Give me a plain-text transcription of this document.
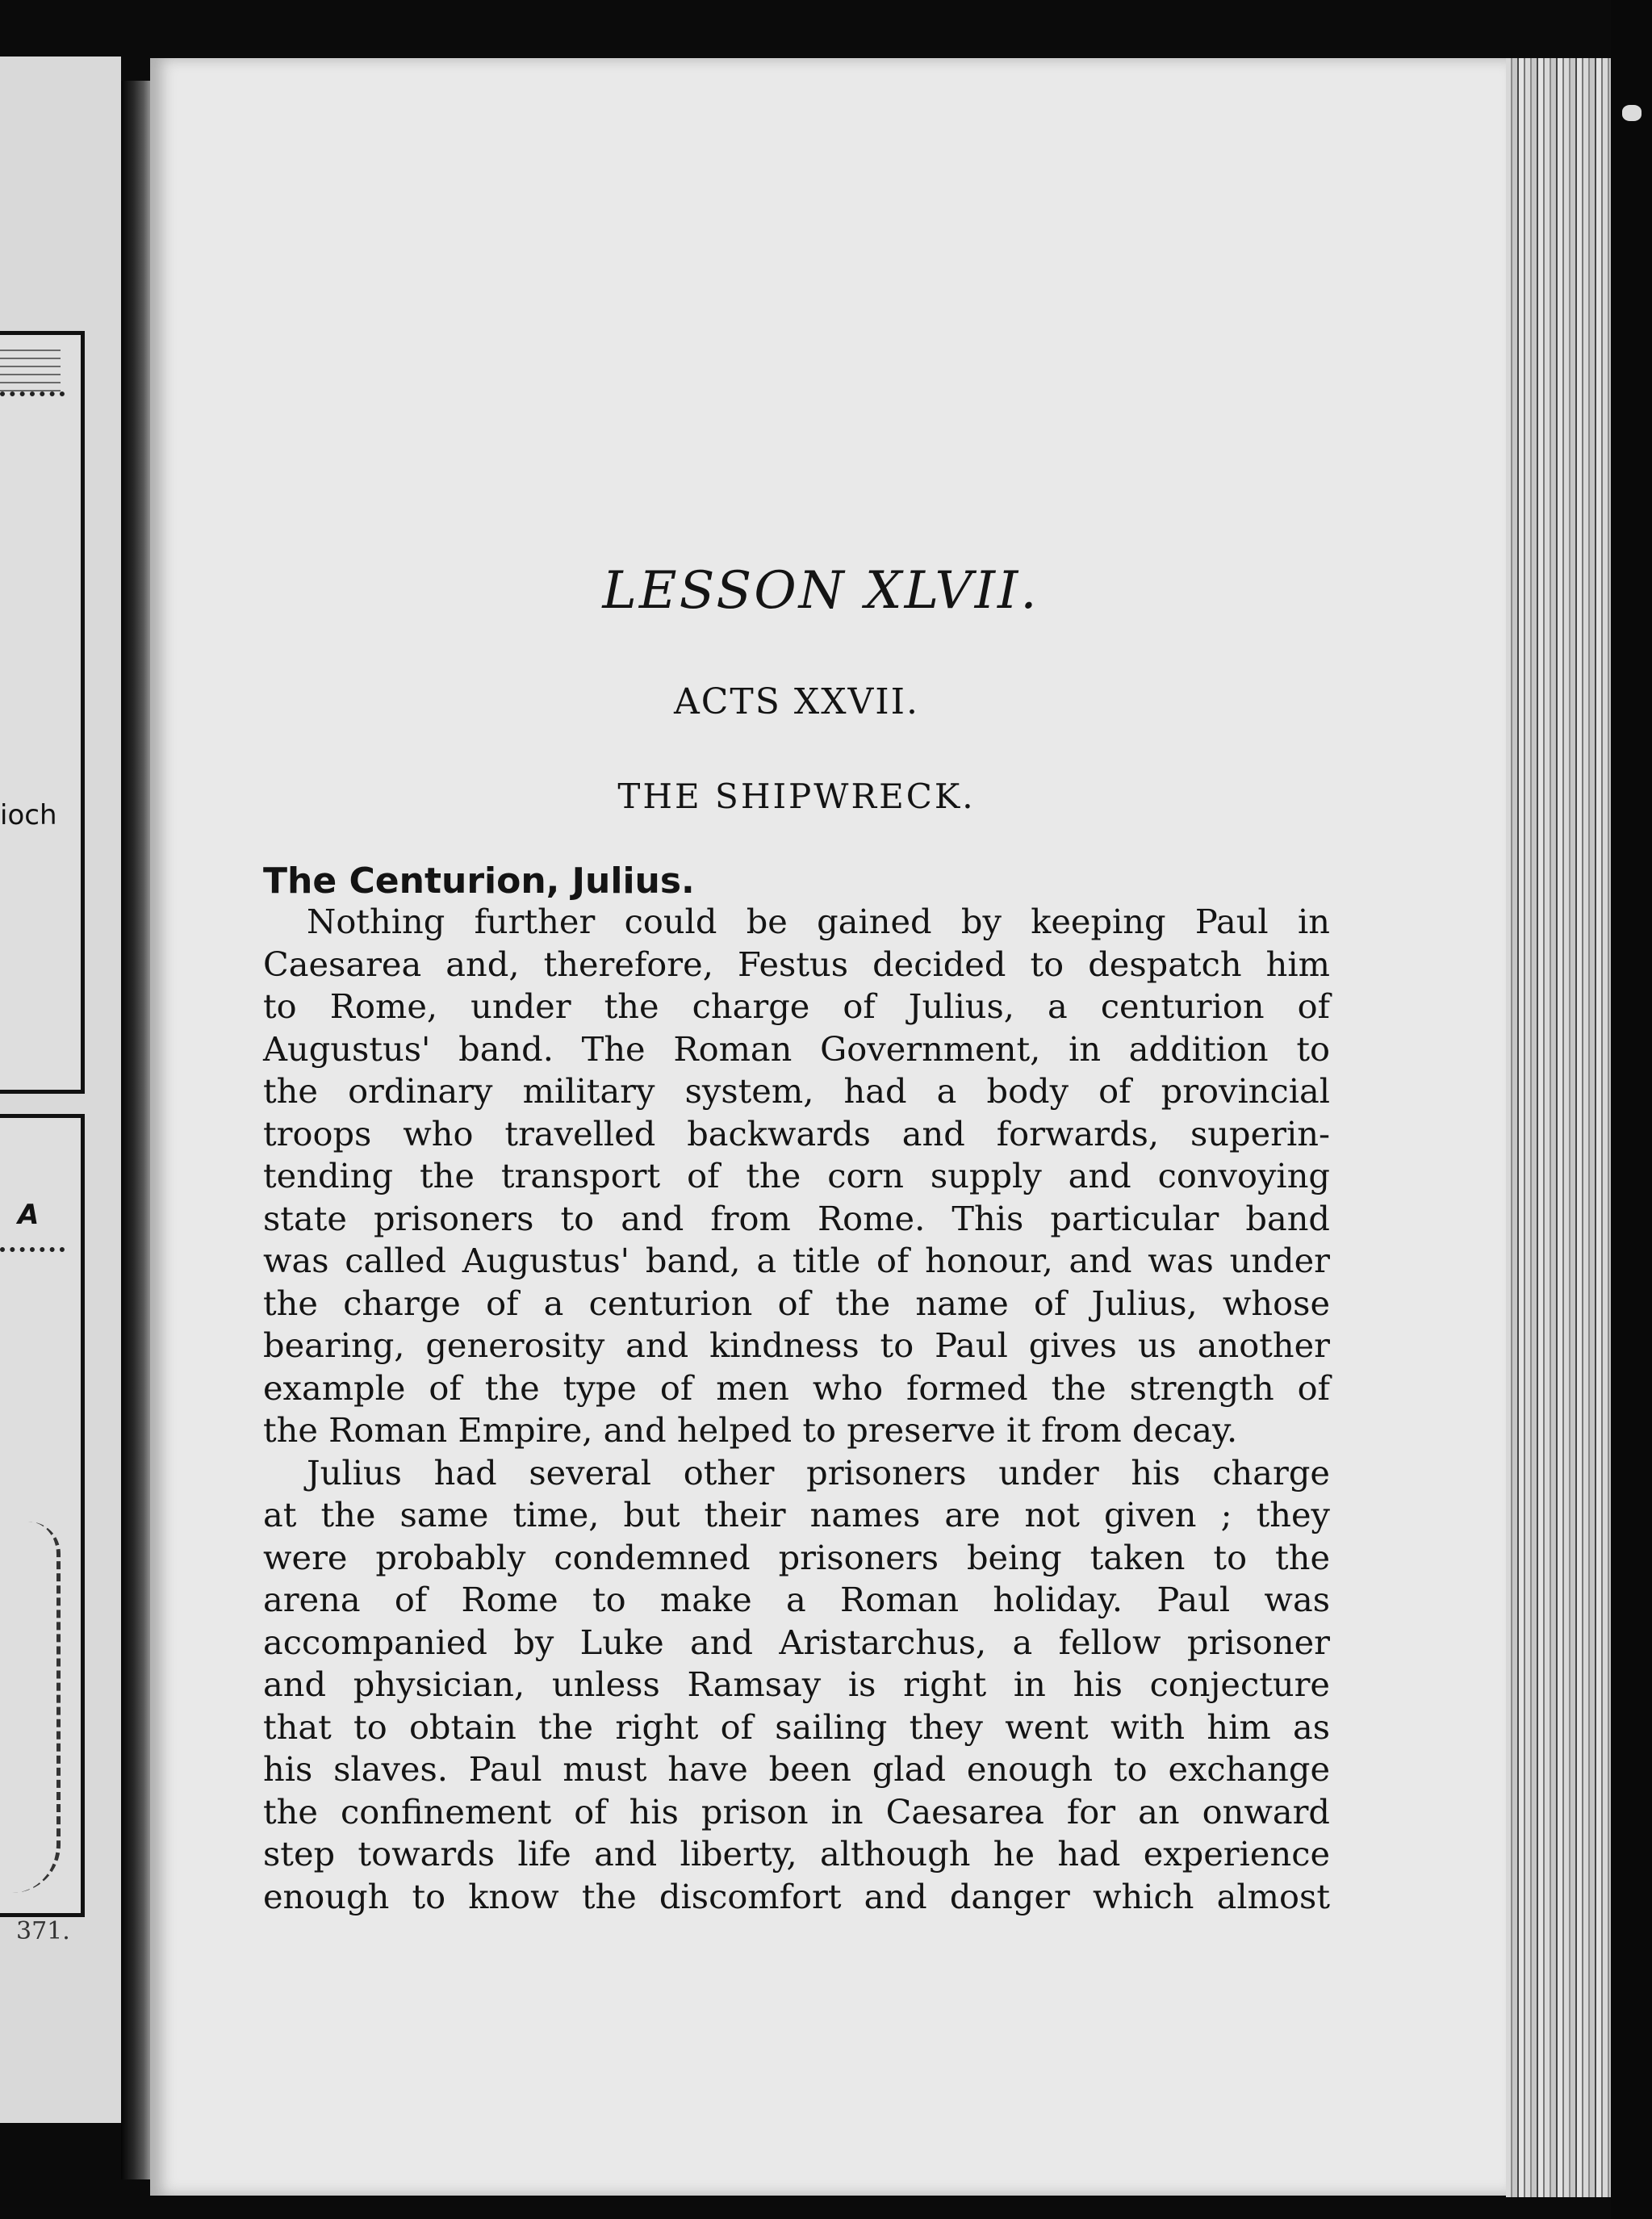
ioch
A
371.
LESSON XLVII.
ACTS XXVII.
THE SHIPWRECK.
The Centurion, Julius.
Nothing further could be gained by keeping Paul in
Caesarea and, therefore, Festus decided to despatch him
to Rome, under the charge of Julius, a centurion of
Augustus' band. The Roman Government, in addition to
the ordinary military system, had a body of provincial
troops who travelled backwards and forwards, superin-
tending the transport of the corn supply and convoying
state prisoners to and from Rome. This particular band
was called Augustus' band, a title of honour, and was under
the charge of a centurion of the name of Julius, whose
bearing, generosity and kindness to Paul gives us another
example of the type of men who formed the strength of
the Roman Empire, and helped to preserve it from decay.
Julius had several other prisoners under his charge
at the same time, but their names are not given ; they
were probably condemned prisoners being taken to the
arena of Rome to make a Roman holiday. Paul was
accompanied by Luke and Aristarchus, a fellow prisoner
and physician, unless Ramsay is right in his conjecture
that to obtain the right of sailing they went with him as
his slaves. Paul must have been glad enough to exchange
the confinement of his prison in Caesarea for an onward
step towards life and liberty, although he had experience
enough to know the discomfort and danger which almost
